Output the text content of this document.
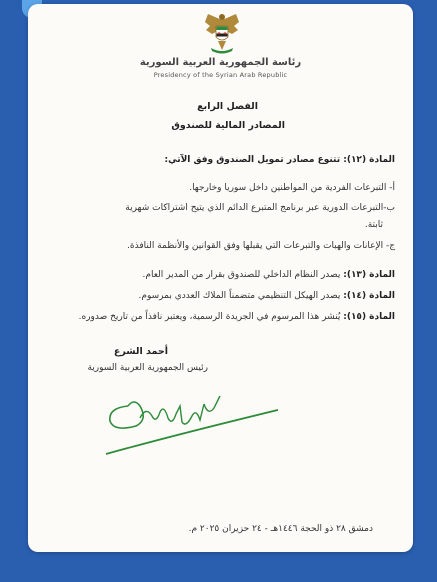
رئاسة الجمهورية العربية السورية
Presidency of the Syrian Arab Republic
الفصل الرابع
المصادر المالية للصندوق
المادة (١٢): تتنوع مصادر تمويل الصندوق وفق الآتي:
أ- التبرعات الفردية من المواطنين داخل سوريا وخارجها.
ب-التبرعات الدورية عبر برنامج المتبرع الدائم الذي يتيح اشتراكات شهرية
ثابتة.
ج- الإعانات والهبات والتبرعات التي يقبلها وفق القوانين والأنظمة النافذة.
المادة (١٣): يصدر النظام الداخلي للصندوق بقرار من المدير العام.
المادة (١٤): يصدر الهيكل التنظيمي متضمناً الملاك العددي بمرسوم.
المادة (١٥): يُنشر هذا المرسوم في الجريدة الرسمية، ويعتبر نافذاً من تاريخ صدوره.
أحمد الشرع
رئيس الجمهورية العربية السورية
دمشق ٢٨ ذو الحجة ١٤٤٦هـ - ٢٤ حزيران ٢٠٢٥ م.
